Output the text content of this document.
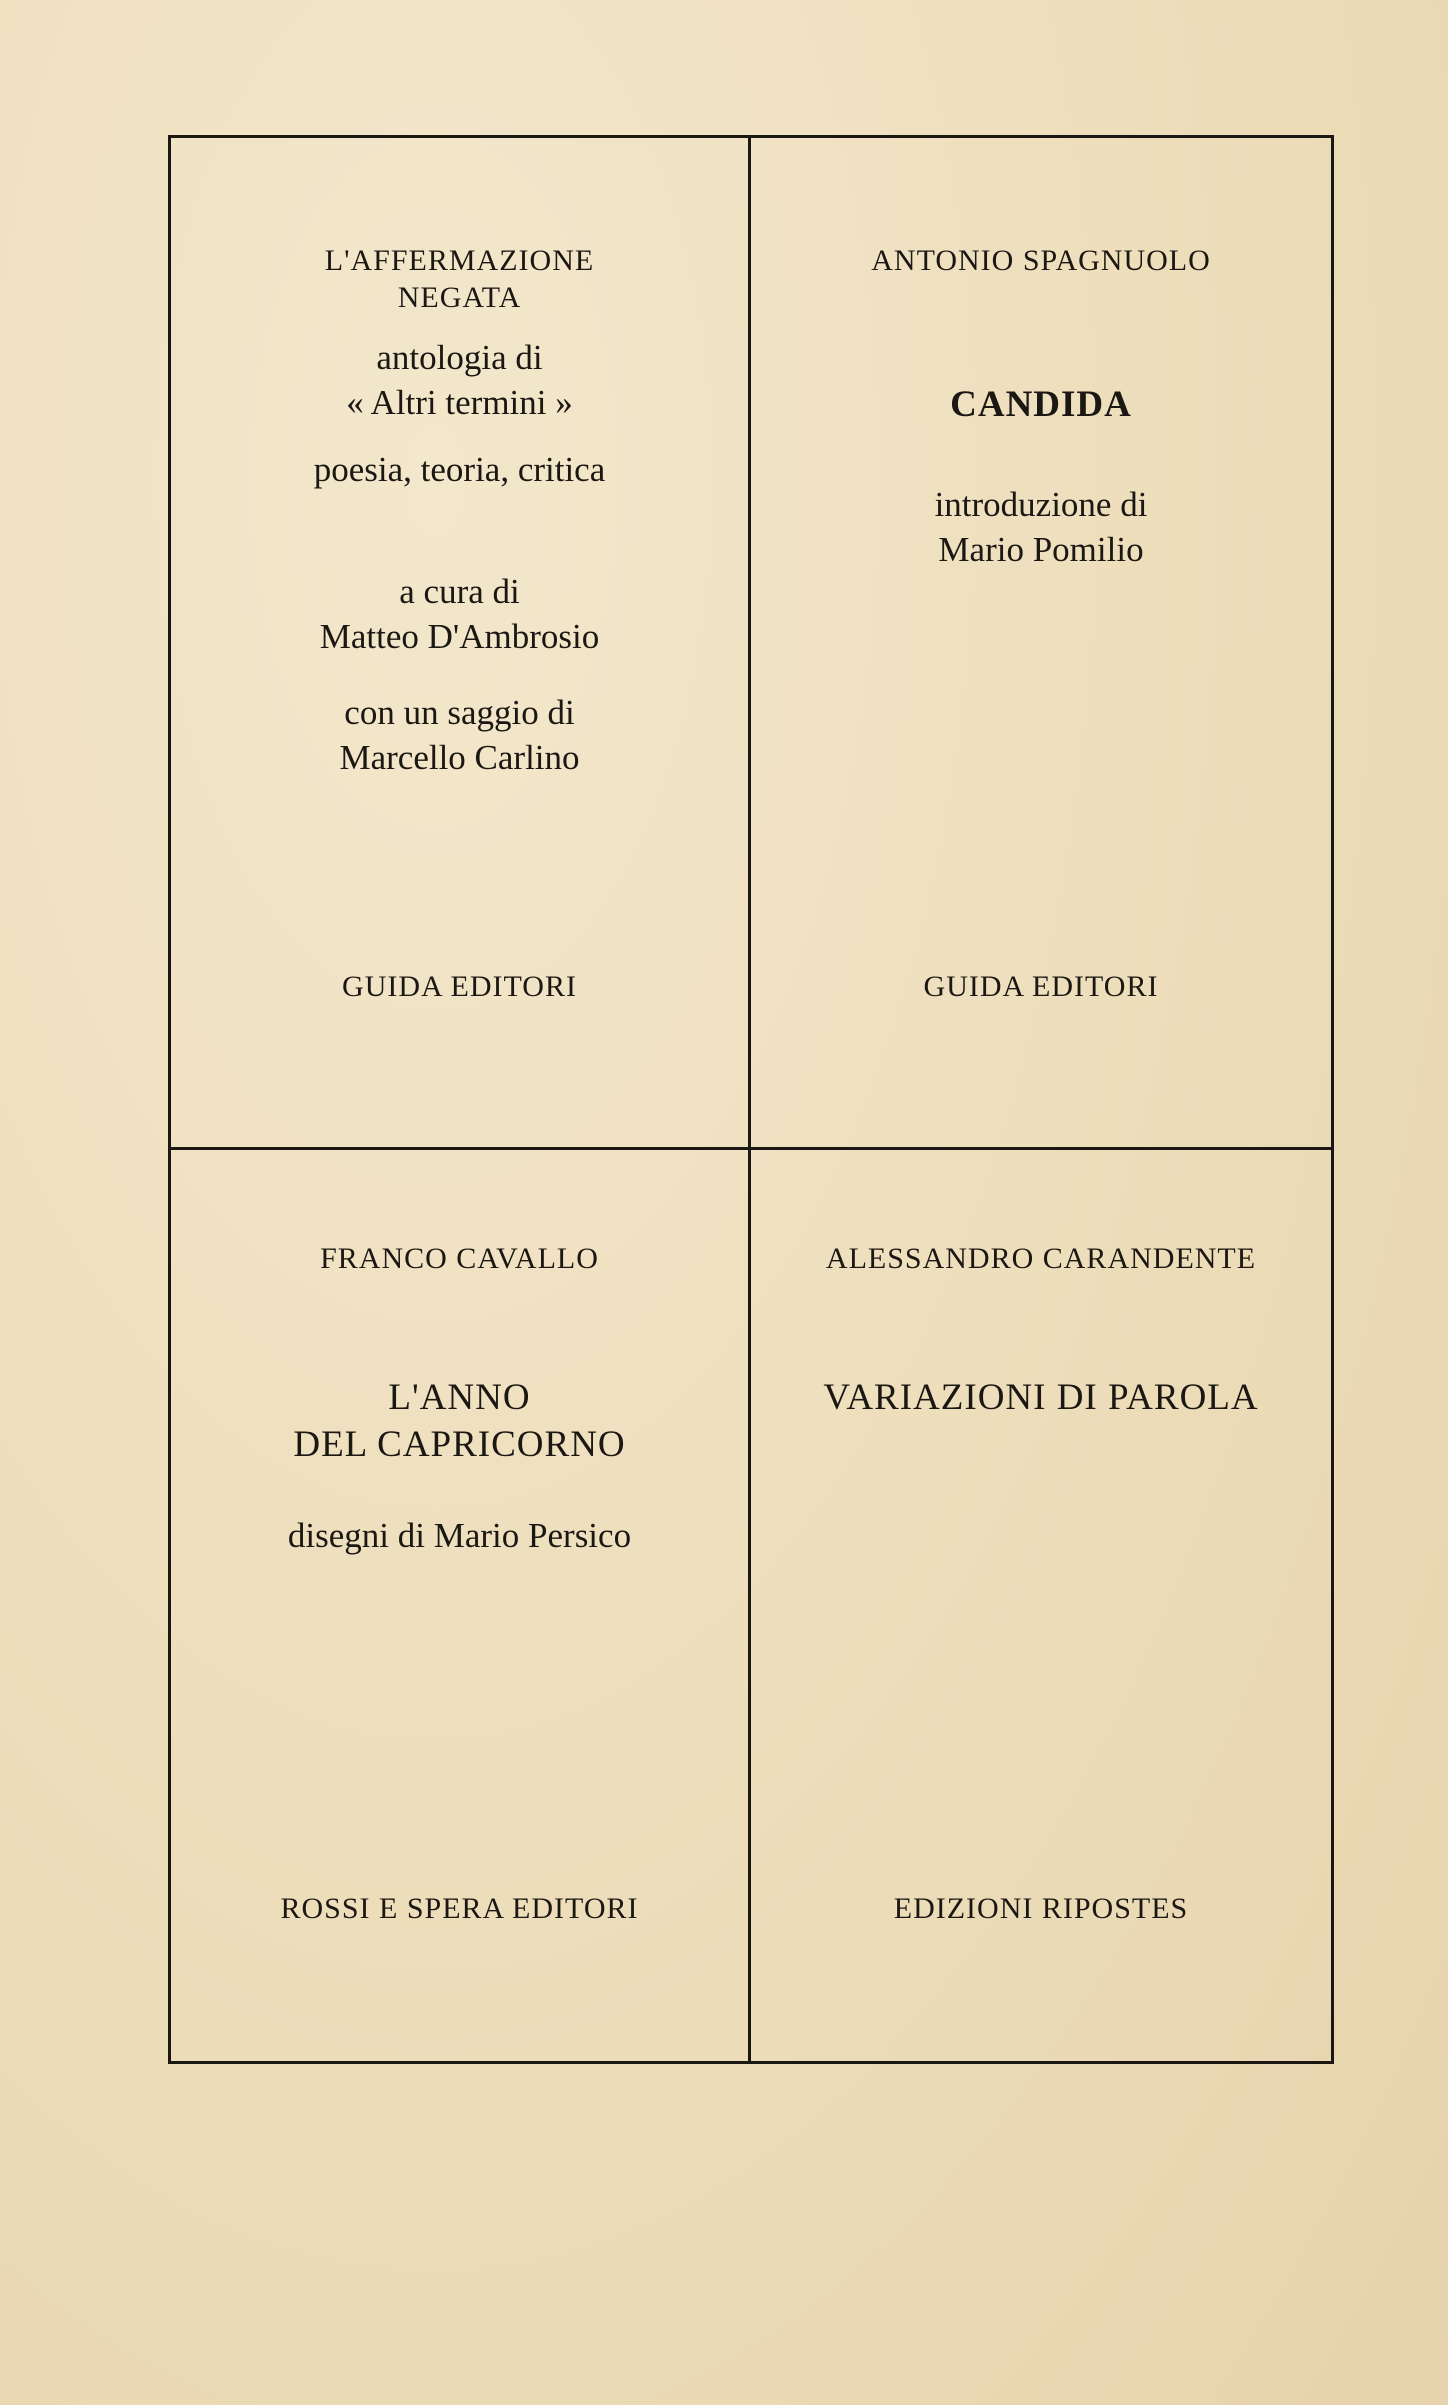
L'AFFERMAZIONE
NEGATA
antologia di
« Altri termini »
poesia, teoria, critica
a cura di
Matteo D'Ambrosio
con un saggio di
Marcello Carlino
GUIDA EDITORI
ANTONIO SPAGNUOLO
CANDIDA
introduzione di
Mario Pomilio
GUIDA EDITORI
FRANCO CAVALLO
L'ANNO
DEL CAPRICORNO
disegni di Mario Persico
ROSSI E SPERA EDITORI
ALESSANDRO CARANDENTE
VARIAZIONI DI PAROLA
EDIZIONI RIPOSTES
